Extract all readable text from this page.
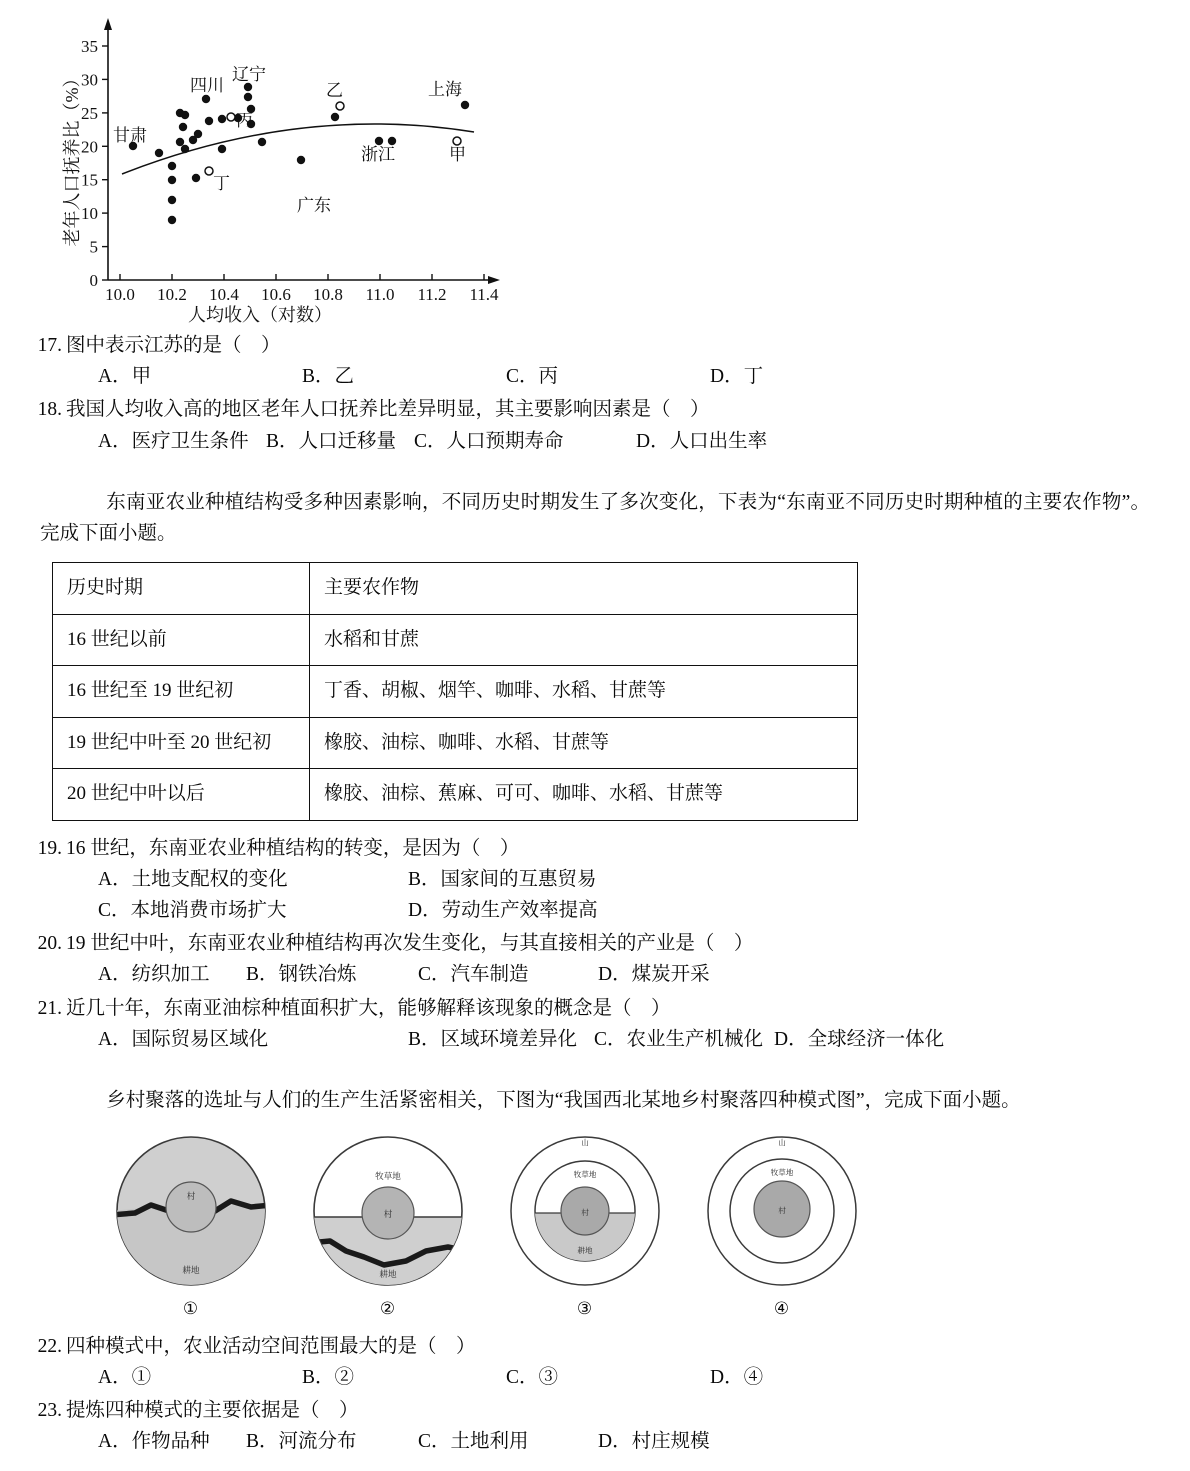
0
5
10
15
20
25
30
35
10.0 10.2 10.4 10.6 10.8 11.0 11.2 11.4
人均收入（对数）
老年人口抚养比（%） 甘肃
四川
辽宁
乙	上海
丙
浙江	甲
丁
广东
17. 图中表示江苏的是（　）
A．甲	B．乙	C．丙	D．丁
18. 我国人均收入高的地区老年人口抚养比差异明显，其主要影响因素是（　）
A．医疗卫生条件 B．人口迁移量 C．人口预期寿命	D．人口出生率

东南亚农业种植结构受多种因素影响，不同历史时期发生了多次变化，下表为“东南亚不同历史时期种植的主要农作物”。完成下面小题。

历史时期	主要农作物
16 世纪以前	水稻和甘蔗
16 世纪至 19 世纪初	丁香、胡椒、烟竿、咖啡、水稻、甘蔗等
19 世纪中叶至 20 世纪初	橡胶、油棕、咖啡、水稻、甘蔗等
20 世纪中叶以后	橡胶、油棕、蕉麻、可可、咖啡、水稻、甘蔗等
19. 16 世纪，东南亚农业种植结构的转变，是因为（　）
A．土地支配权的变化	B．国家间的互惠贸易
C．本地消费市场扩大	D．劳动生产效率提高
20. 19 世纪中叶，东南亚农业种植结构再次发生变化，与其直接相关的产业是（　）
A．纺织加工	B．钢铁冶炼	C．汽车制造	D．煤炭开采
21. 近几十年，东南亚油棕种植面积扩大，能够解释该现象的概念是（　）
A．国际贸易区域化	B．区域环境差异化 C．农业生产机械化 D．全球经济一体化

乡村聚落的选址与人们的生产生活紧密相关，下图为“我国西北某地乡村聚落四种模式图”，完成下面小题。

村
耕地
①
牧草地
村
耕地
②
山
牧草地
村
耕地
③
山
牧草地
村
④
22. 四种模式中，农业活动空间范围最大的是（　）
A．①	B．②	C．③	D．④
23. 提炼四种模式的主要依据是（　）
A．作物品种	B．河流分布	C．土地利用	D．村庄规模
